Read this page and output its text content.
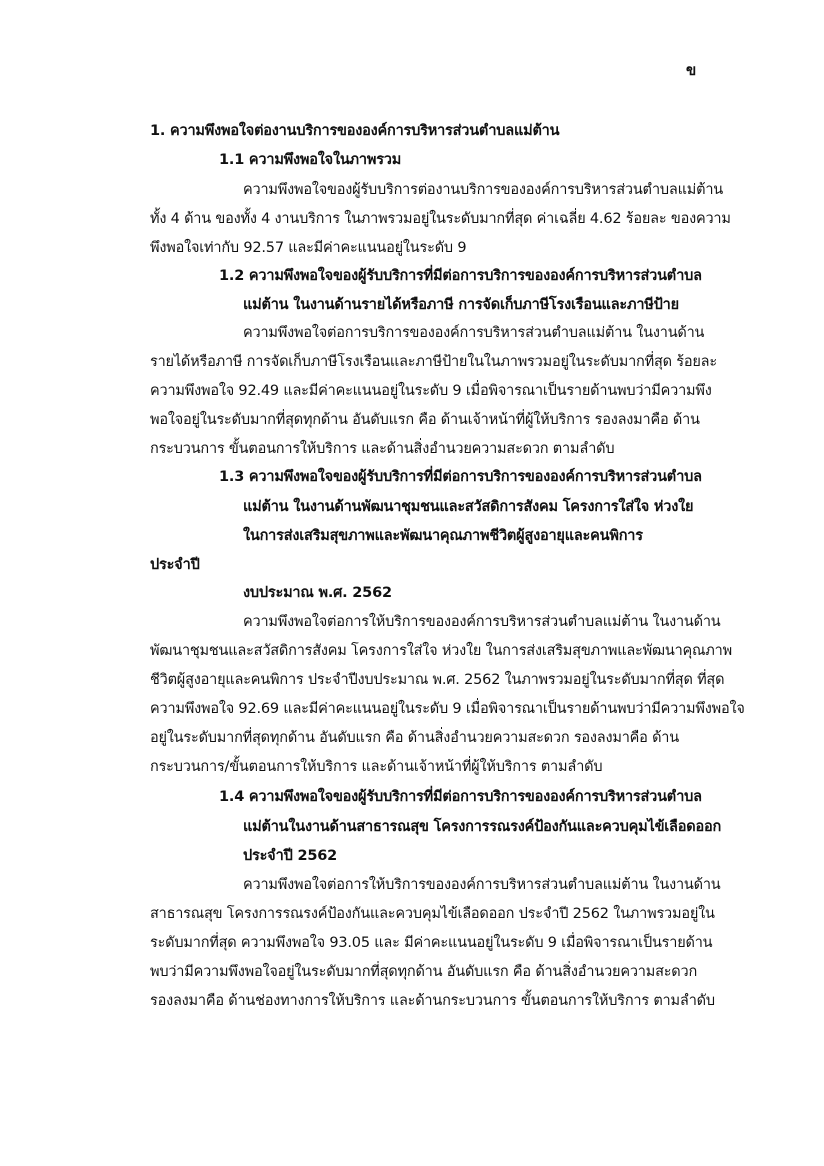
ข
1. ความพึงพอใจต่องานบริการขององค์การบริหารส่วนตำบลแม่ต้าน
1.1 ความพึงพอใจในภาพรวม
ความพึงพอใจของผู้รับบริการต่องานบริการขององค์การบริหารส่วนตำบลแม่ต้าน
ทั้ง 4 ด้าน ของทั้ง 4 งานบริการ ในภาพรวมอยู่ในระดับมากที่สุด ค่าเฉลี่ย 4.62 ร้อยละ ของความ
พึงพอใจเท่ากับ 92.57 และมีค่าคะแนนอยู่ในระดับ 9
1.2 ความพึงพอใจของผู้รับบริการที่มีต่อการบริการขององค์การบริหารส่วนตำบล
แม่ต้าน ในงานด้านรายได้หรือภาษี การจัดเก็บภาษีโรงเรือนและภาษีป้าย
ความพึงพอใจต่อการบริการขององค์การบริหารส่วนตำบลแม่ต้าน ในงานด้าน
รายได้หรือภาษี การจัดเก็บภาษีโรงเรือนและภาษีป้ายในในภาพรวมอยู่ในระดับมากที่สุด ร้อยละ
ความพึงพอใจ 92.49 และมีค่าคะแนนอยู่ในระดับ 9 เมื่อพิจารณาเป็นรายด้านพบว่ามีความพึง
พอใจอยู่ในระดับมากที่สุดทุกด้าน อันดับแรก คือ ด้านเจ้าหน้าที่ผู้ให้บริการ รองลงมาคือ ด้าน
กระบวนการ ขั้นตอนการให้บริการ และด้านสิ่งอำนวยความสะดวก ตามลำดับ
1.3 ความพึงพอใจของผู้รับบริการที่มีต่อการบริการขององค์การบริหารส่วนตำบล
แม่ต้าน ในงานด้านพัฒนาชุมชนและสวัสดิการสังคม โครงการใส่ใจ ห่วงใย
ในการส่งเสริมสุขภาพและพัฒนาคุณภาพชีวิตผู้สูงอายุและคนพิการ
ประจำปี
งบประมาณ พ.ศ. 2562
ความพึงพอใจต่อการให้บริการขององค์การบริหารส่วนตำบลแม่ต้าน ในงานด้าน
พัฒนาชุมชนและสวัสดิการสังคม โครงการใส่ใจ ห่วงใย ในการส่งเสริมสุขภาพและพัฒนาคุณภาพ
ชีวิตผู้สูงอายุและคนพิการ ประจำปีงบประมาณ พ.ศ. 2562 ในภาพรวมอยู่ในระดับมากที่สุด ที่สุด
ความพึงพอใจ 92.69 และมีค่าคะแนนอยู่ในระดับ 9 เมื่อพิจารณาเป็นรายด้านพบว่ามีความพึงพอใจ
อยู่ในระดับมากที่สุดทุกด้าน อันดับแรก คือ ด้านสิ่งอำนวยความสะดวก รองลงมาคือ ด้าน
กระบวนการ/ขั้นตอนการให้บริการ และด้านเจ้าหน้าที่ผู้ให้บริการ ตามลำดับ
1.4 ความพึงพอใจของผู้รับบริการที่มีต่อการบริการขององค์การบริหารส่วนตำบล
แม่ต้านในงานด้านสาธารณสุข โครงการรณรงค์ป้องกันและควบคุมไข้เลือดออก
ประจำปี 2562
ความพึงพอใจต่อการให้บริการขององค์การบริหารส่วนตำบลแม่ต้าน ในงานด้าน
สาธารณสุข โครงการรณรงค์ป้องกันและควบคุมไข้เลือดออก ประจำปี 2562 ในภาพรวมอยู่ใน
ระดับมากที่สุด ความพึงพอใจ 93.05 และ มีค่าคะแนนอยู่ในระดับ 9 เมื่อพิจารณาเป็นรายด้าน
พบว่ามีความพึงพอใจอยู่ในระดับมากที่สุดทุกด้าน อันดับแรก คือ ด้านสิ่งอำนวยความสะดวก
รองลงมาคือ ด้านช่องทางการให้บริการ และด้านกระบวนการ ขั้นตอนการให้บริการ ตามลำดับ
